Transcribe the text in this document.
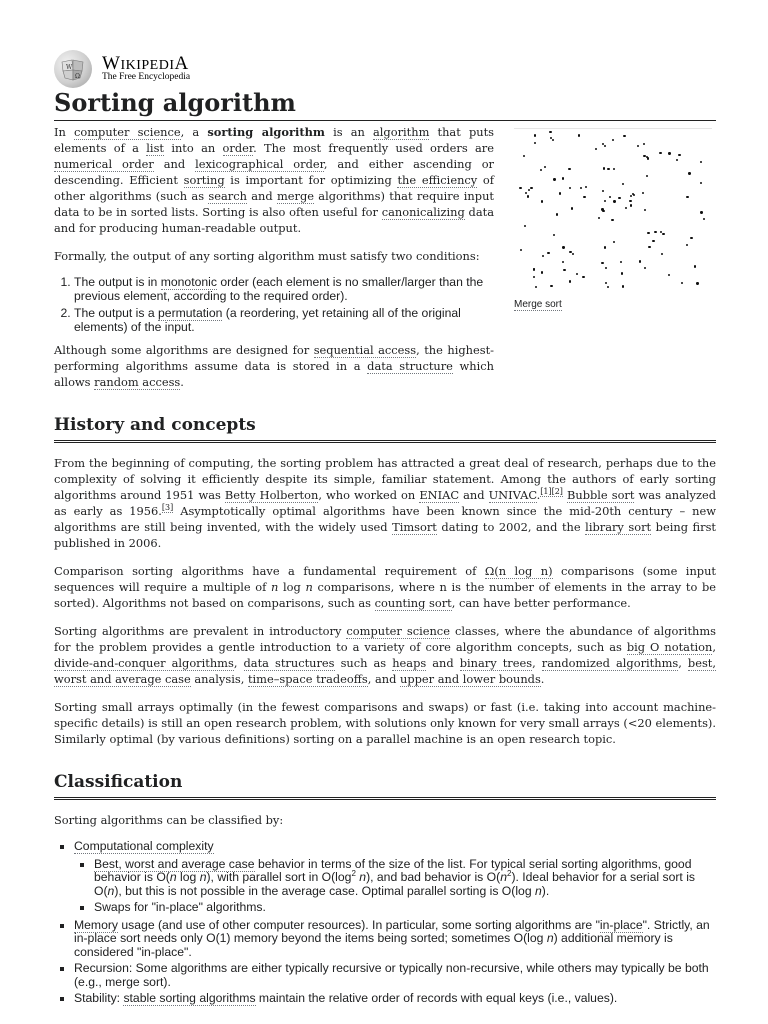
W
Ω
WIKIPEDIA
The Free Encyclopedia
Sorting algorithm
Merge sort

In computer science, a sorting algorithm is an algorithm that puts elements of a list into an order. The most frequently used orders are numerical order and lexicographical order, and either ascending or descending. Efficient sorting is important for optimizing the efficiency of other algorithms (such as search and merge algorithms) that require input data to be in sorted lists. Sorting is also often useful for canonicalizing data and for producing human-readable output.

Formally, the output of any sorting algorithm must satisfy two conditions:

1. The output is in monotonic order (each element is no smaller/larger than the previous element, according to the required order).
2. The output is a permutation (a reordering, yet retaining all of the original elements) of the input.

Although some algorithms are designed for sequential access, the highest-performing algorithms assume data is stored in a data structure which allows random access.

History and concepts

From the beginning of computing, the sorting problem has attracted a great deal of research, perhaps due to the complexity of solving it efficiently despite its simple, familiar statement. Among the authors of early sorting algorithms around 1951 was Betty Holberton, who worked on ENIAC and UNIVAC.[1][2] Bubble sort was analyzed as early as 1956.[3] Asymptotically optimal algorithms have been known since the mid-20th century – new algorithms are still being invented, with the widely used Timsort dating to 2002, and the library sort being first published in 2006.

Comparison sorting algorithms have a fundamental requirement of Ω(n log n) comparisons (some input sequences will require a multiple of n log n comparisons, where n is the number of elements in the array to be sorted). Algorithms not based on comparisons, such as counting sort, can have better performance.

Sorting algorithms are prevalent in introductory computer science classes, where the abundance of algorithms for the problem provides a gentle introduction to a variety of core algorithm concepts, such as big O notation, divide-and-conquer algorithms, data structures such as heaps and binary trees, randomized algorithms, best, worst and average case analysis, time–space tradeoffs, and upper and lower bounds.

Sorting small arrays optimally (in the fewest comparisons and swaps) or fast (i.e. taking into account machine-specific details) is still an open research problem, with solutions only known for very small arrays (<20 elements). Similarly optimal (by various definitions) sorting on a parallel machine is an open research topic.

Classification

Sorting algorithms can be classified by:

▪ Computational complexity
▪ Best, worst and average case behavior in terms of the size of the list. For typical serial sorting algorithms, good behavior is O(n log n), with parallel sort in $O(\log^2$ n), and bad behavior is $O(n^2)$. Ideal behavior for a serial sort is O(n), but this is not possible in the average case. Optimal parallel sorting is O(log n).
▪ Swaps for "in-place" algorithms.
▪ Memory usage (and use of other computer resources). In particular, some sorting algorithms are "in-place". Strictly, an in-place sort needs only O(1) memory beyond the items being sorted; sometimes O(log n) additional memory is considered "in-place".
▪ Recursion: Some algorithms are either typically recursive or typically non-recursive, while others may typically be both (e.g., merge sort).
▪ Stability: stable sorting algorithms maintain the relative order of records with equal keys (i.e., values).
